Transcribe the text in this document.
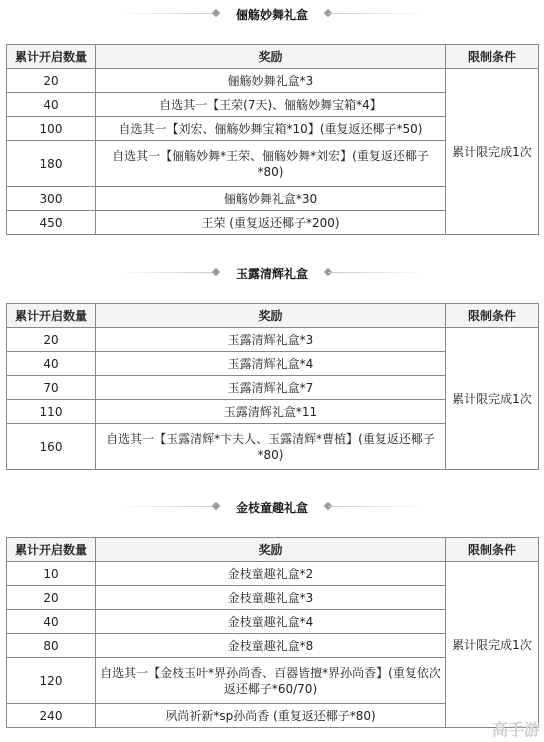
俪觞妙舞礼盒
累计开启数量	奖励	限制条件
20	俪觞妙舞礼盒*3	累计限完成1次
40	自选其一【王荣(7天)、俪觞妙舞宝箱*4】	
100	自选其一【刘宏、俪觞妙舞宝箱*10】(重复返还椰子*50)	
180	自选其一【俪觞妙舞*王荣、俪觞妙舞*刘宏】(重复返还椰子*80)	
300	俪觞妙舞礼盒*30	
450	王荣 (重复返还椰子*200)	
玉露清辉礼盒
累计开启数量	奖励	限制条件
20	玉露清辉礼盒*3	累计限完成1次
40	玉露清辉礼盒*4	
70	玉露清辉礼盒*7	
110	玉露清辉礼盒*11	
160	自选其一【玉露清辉*卞夫人、玉露清辉*曹植】(重复返还椰子*80)	
金枝童趣礼盒
累计开启数量	奖励	限制条件
10	金枝童趣礼盒*2	累计限完成1次
20	金枝童趣礼盒*3	
40	金枝童趣礼盒*4	
80	金枝童趣礼盒*8	
120	自选其一【金枝玉叶*界孙尚香、百器皆擅*界孙尚香】(重复依次返还椰子*60/70)	
240	夙尚祈新*sp孙尚香 (重复返还椰子*80)	
高手游
